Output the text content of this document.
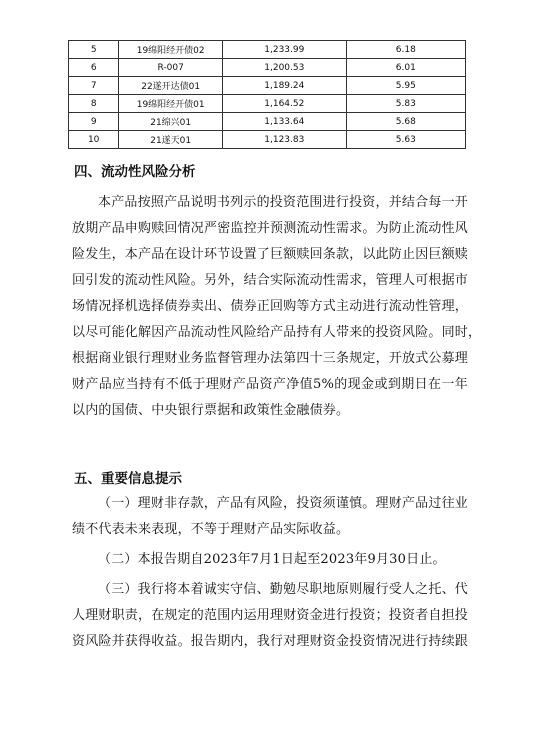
5	19绵阳经开债02	1,233.99	6.18
6	R-007	1,200.53	6.01
7	22遂开达债01	1,189.24	5.95
8	19绵阳经开债01	1,164.52	5.83
9	21绵兴01	1,133.64	5.68
10	21遂天01	1,123.83	5.63
四、流动性风险分析
本产品按照产品说明书列示的投资范围进行投资，并结合每一开
放期产品申购赎回情况严密监控并预测流动性需求。为防止流动性风
险发生，本产品在设计环节设置了巨额赎回条款，以此防止因巨额赎
回引发的流动性风险。另外，结合实际流动性需求，管理人可根据市
场情况择机选择债券卖出、债券正回购等方式主动进行流动性管理，
以尽可能化解因产品流动性风险给产品持有人带来的投资风险。同时，
根据商业银行理财业务监督管理办法第四十三条规定，开放式公募理
财产品应当持有不低于理财产品资产净值5%的现金或到期日在一年
以内的国债、中央银行票据和政策性金融债券。
五、重要信息提示
（一）理财非存款，产品有风险，投资须谨慎。理财产品过往业
绩不代表未来表现，不等于理财产品实际收益。
（二）本报告期自2023年7月1日起至2023年9月30日止。
（三）我行将本着诚实守信、勤勉尽职地原则履行受人之托、代
人理财职责，在规定的范围内运用理财资金进行投资；投资者自担投
资风险并获得收益。报告期内，我行对理财资金投资情况进行持续跟
